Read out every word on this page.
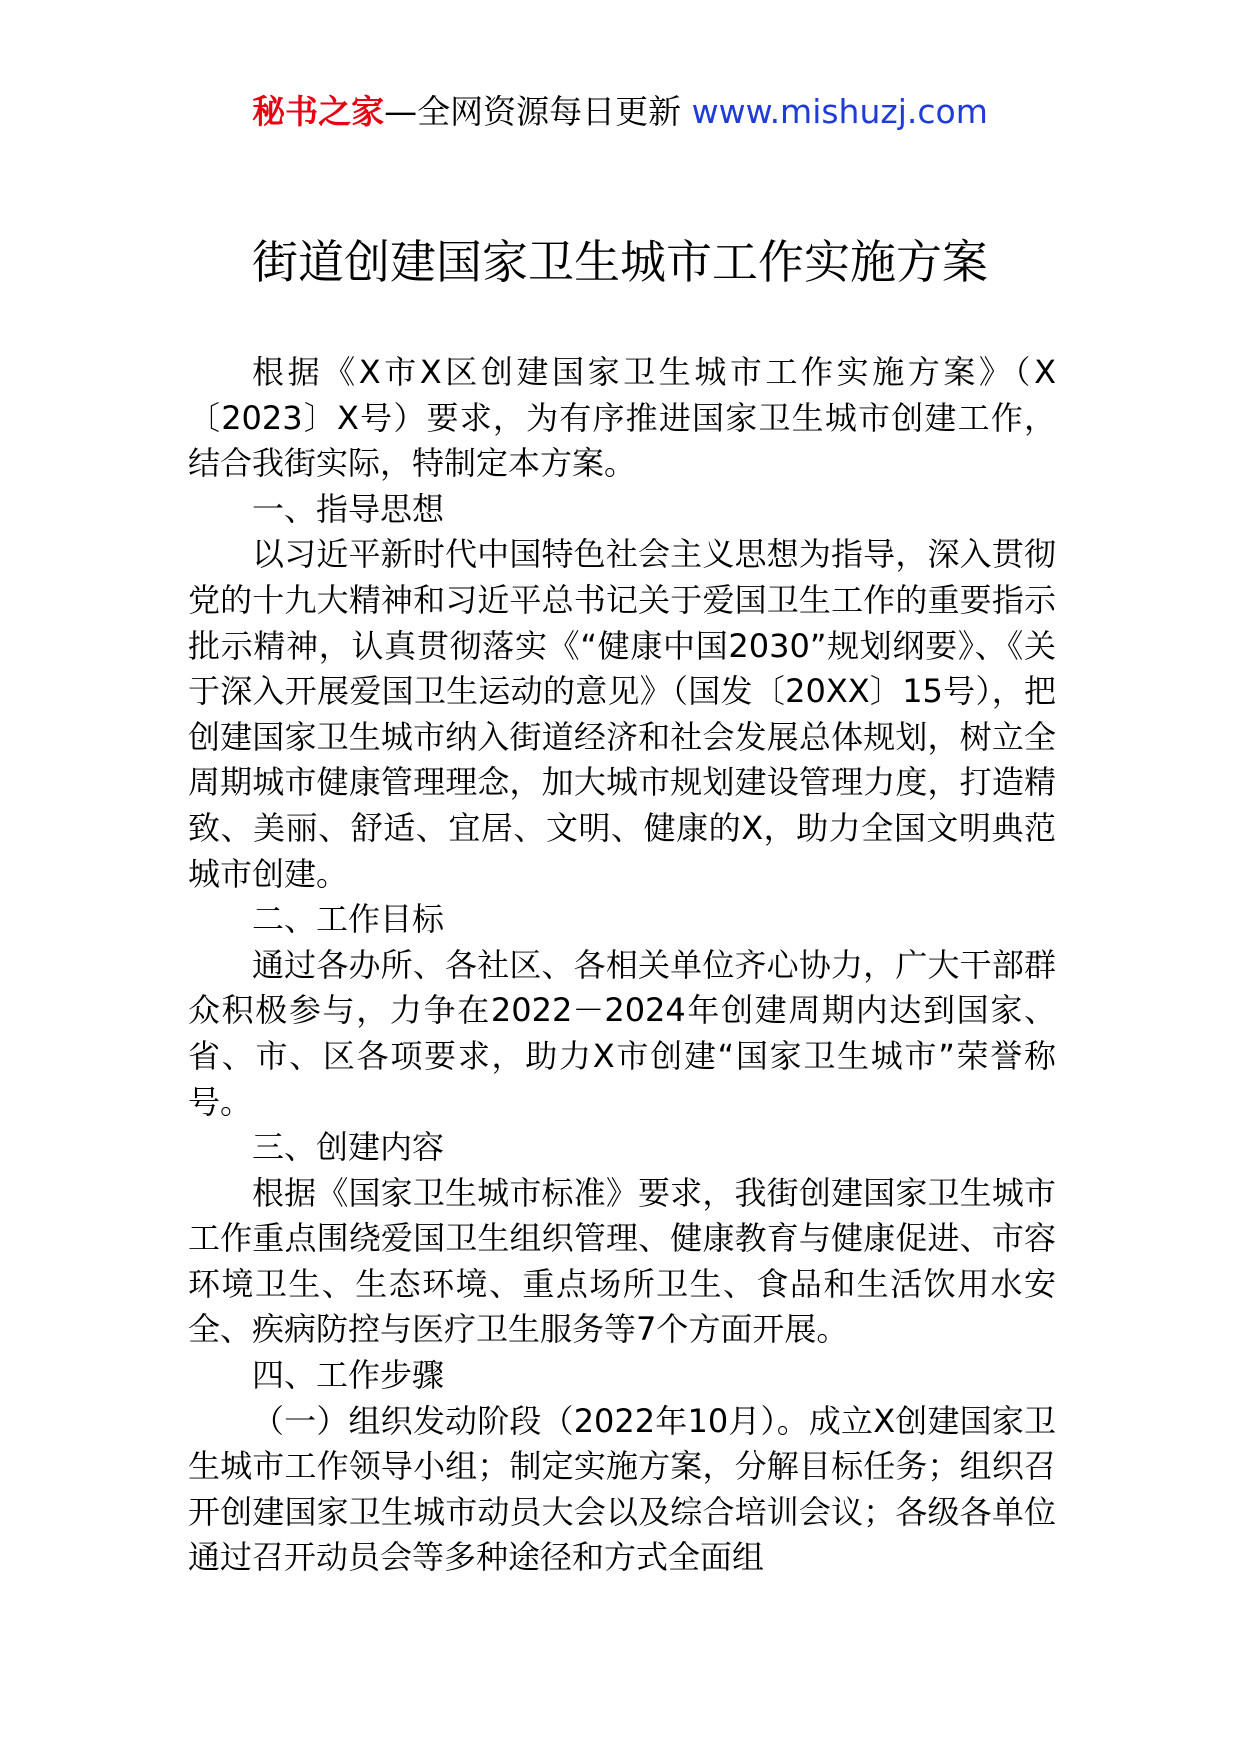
秘书之家—全网资源每日更新 www.mishuzj.com
街道创建国家卫生城市工作实施方案

根据《X市X区创建国家卫生城市工作实施方案》（X〔2023〕X号）要求，为有序推进国家卫生城市创建工作，结合我街实际，特制定本方案。

一、指导思想

以习近平新时代中国特色社会主义思想为指导，深入贯彻党的十九大精神和习近平总书记关于爱国卫生工作的重要指示批示精神，认真贯彻落实《“健康中国2030”规划纲要》、《关于深入开展爱国卫生运动的意见》（国发〔20XX〕15号），把创建国家卫生城市纳入街道经济和社会发展总体规划，树立全周期城市健康管理理念，加大城市规划建设管理力度，打造精致、美丽、舒适、宜居、文明、健康的X，助力全国文明典范城市创建。

二、工作目标

通过各办所、各社区、各相关单位齐心协力，广大干部群众积极参与，力争在2022－2024年创建周期内达到国家、省、市、区各项要求，助力X市创建“国家卫生城市”荣誉称号。

三、创建内容

根据《国家卫生城市标准》要求，我街创建国家卫生城市工作重点围绕爱国卫生组织管理、健康教育与健康促进、市容环境卫生、生态环境、重点场所卫生、食品和生活饮用水安全、疾病防控与医疗卫生服务等7个方面开展。

四、工作步骤

（一）组织发动阶段（2022年10月）。成立X创建国家卫生城市工作领导小组；制定实施方案，分解目标任务；组织召开创建国家卫生城市动员大会以及综合培训会议；各级各单位通过召开动员会等多种途径和方式全面组
